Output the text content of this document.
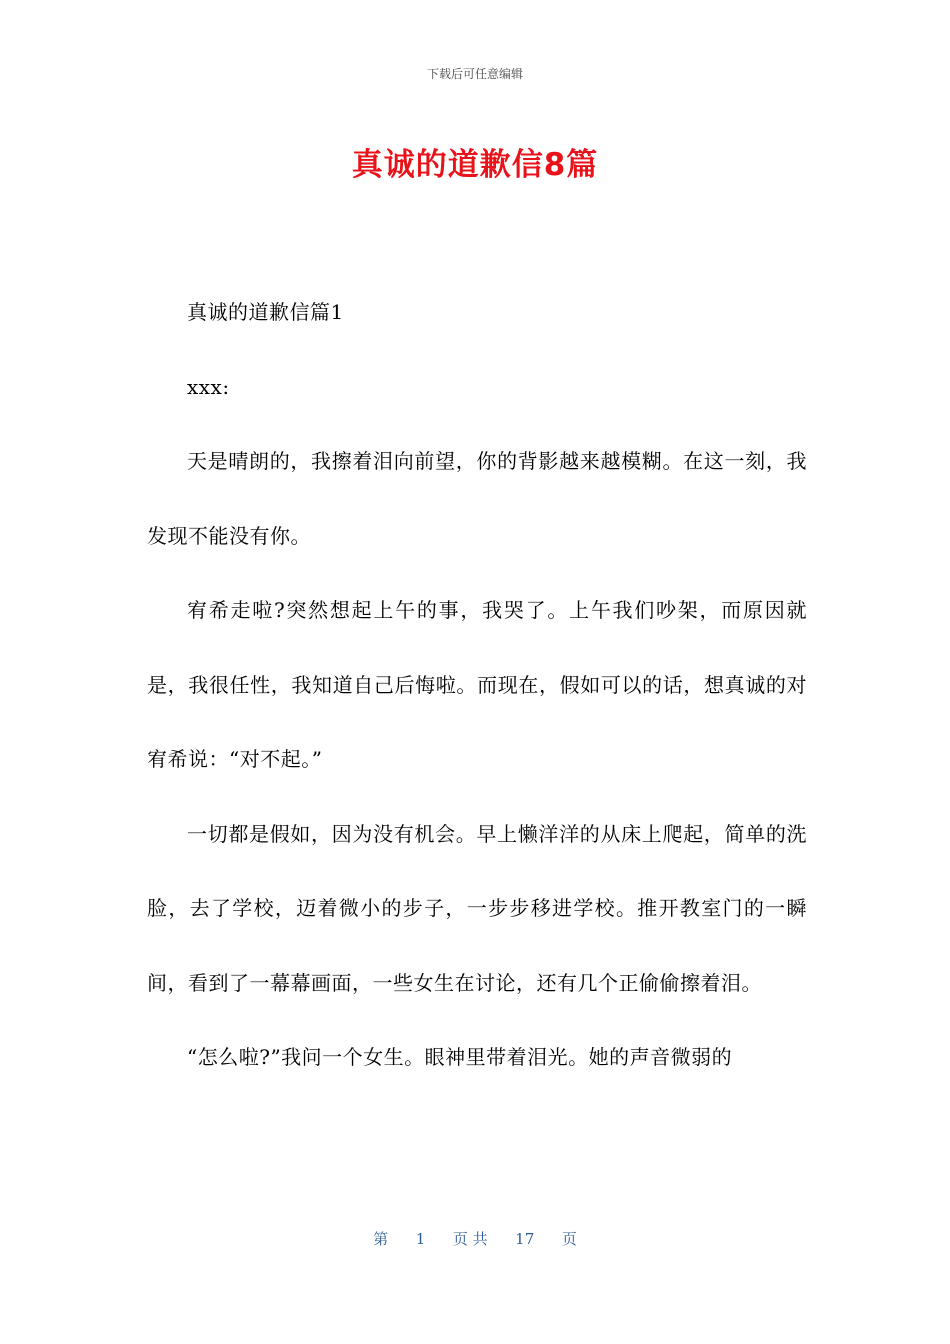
下载后可任意编辑
真诚的道歉信8篇

真诚的道歉信篇1

xxx:

天是晴朗的，我擦着泪向前望，你的背影越来越模糊。在这一刻，我发现不能没有你。

宥希走啦?突然想起上午的事，我哭了。上午我们吵架，而原因就是，我很任性，我知道自己后悔啦。而现在，假如可以的话，想真诚的对宥希说：“对不起。”

一切都是假如，因为没有机会。早上懒洋洋的从床上爬起，简单的洗脸，去了学校，迈着微小的步子，一步步移进学校。推开教室门的一瞬间，看到了一幕幕画面，一些女生在讨论，还有几个正偷偷擦着泪。

“怎么啦?”我问一个女生。眼神里带着泪光。她的声音微弱的

第 1 页 共 17 页
